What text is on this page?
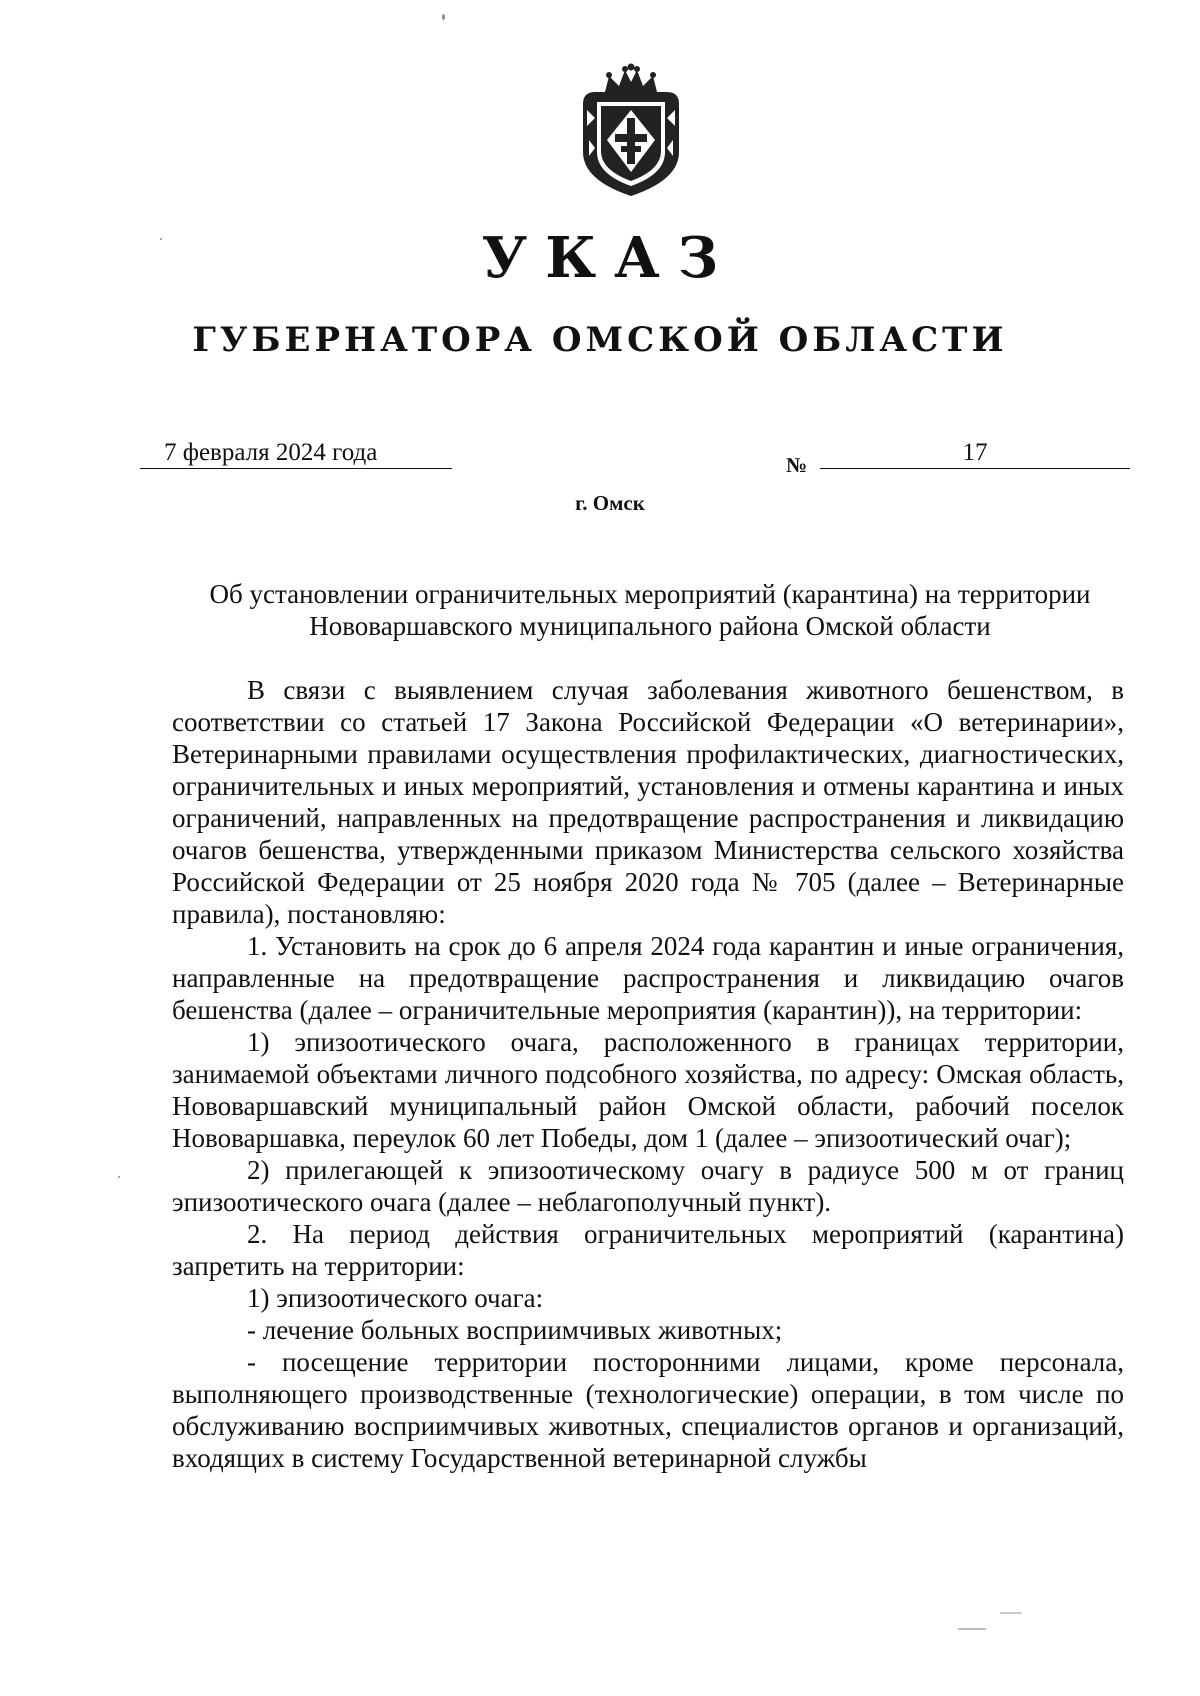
УКАЗ
ГУБЕРНАТОРА ОМСКОЙ ОБЛАСТИ
7 февраля 2024 года	№	17
г. Омск
Об установлении ограничительных мероприятий (карантина) на территории
Нововаршавского муниципального района Омской области

В связи с выявлением случая заболевания животного бешенством, в соответствии со статьей 17 Закона Российской Федерации «О ветеринарии», Ветеринарными правилами осуществления профилактических, диагностических, ограничительных и иных мероприятий, установления и отмены карантина и иных ограничений, направленных на предотвращение распространения и ликвидацию очагов бешенства, утвержденными приказом Министерства сельского хозяйства Российской Федерации от 25 ноября 2020 года № 705 (далее – Ветеринарные правила), постановляю:

1. Установить на срок до 6 апреля 2024 года карантин и иные ограничения, направленные на предотвращение распространения и ликвидацию очагов бешенства (далее – ограничительные мероприятия (карантин)), на территории:

1) эпизоотического очага, расположенного в границах территории, занимаемой объектами личного подсобного хозяйства, по адресу: Омская область, Нововаршавский муниципальный район Омской области, рабочий поселок Нововаршавка, переулок 60 лет Победы, дом 1 (далее – эпизоотический очаг);

2) прилегающей к эпизоотическому очагу в радиусе 500 м от границ эпизоотического очага (далее – неблагополучный пункт).

2. На период действия ограничительных мероприятий (карантина) запретить на территории:

1) эпизоотического очага:

- лечение больных восприимчивых животных;

- посещение территории посторонними лицами, кроме персонала, выполняющего производственные (технологические) операции, в том числе по обслуживанию восприимчивых животных, специалистов органов и организаций, входящих в систему Государственной ветеринарной службы
